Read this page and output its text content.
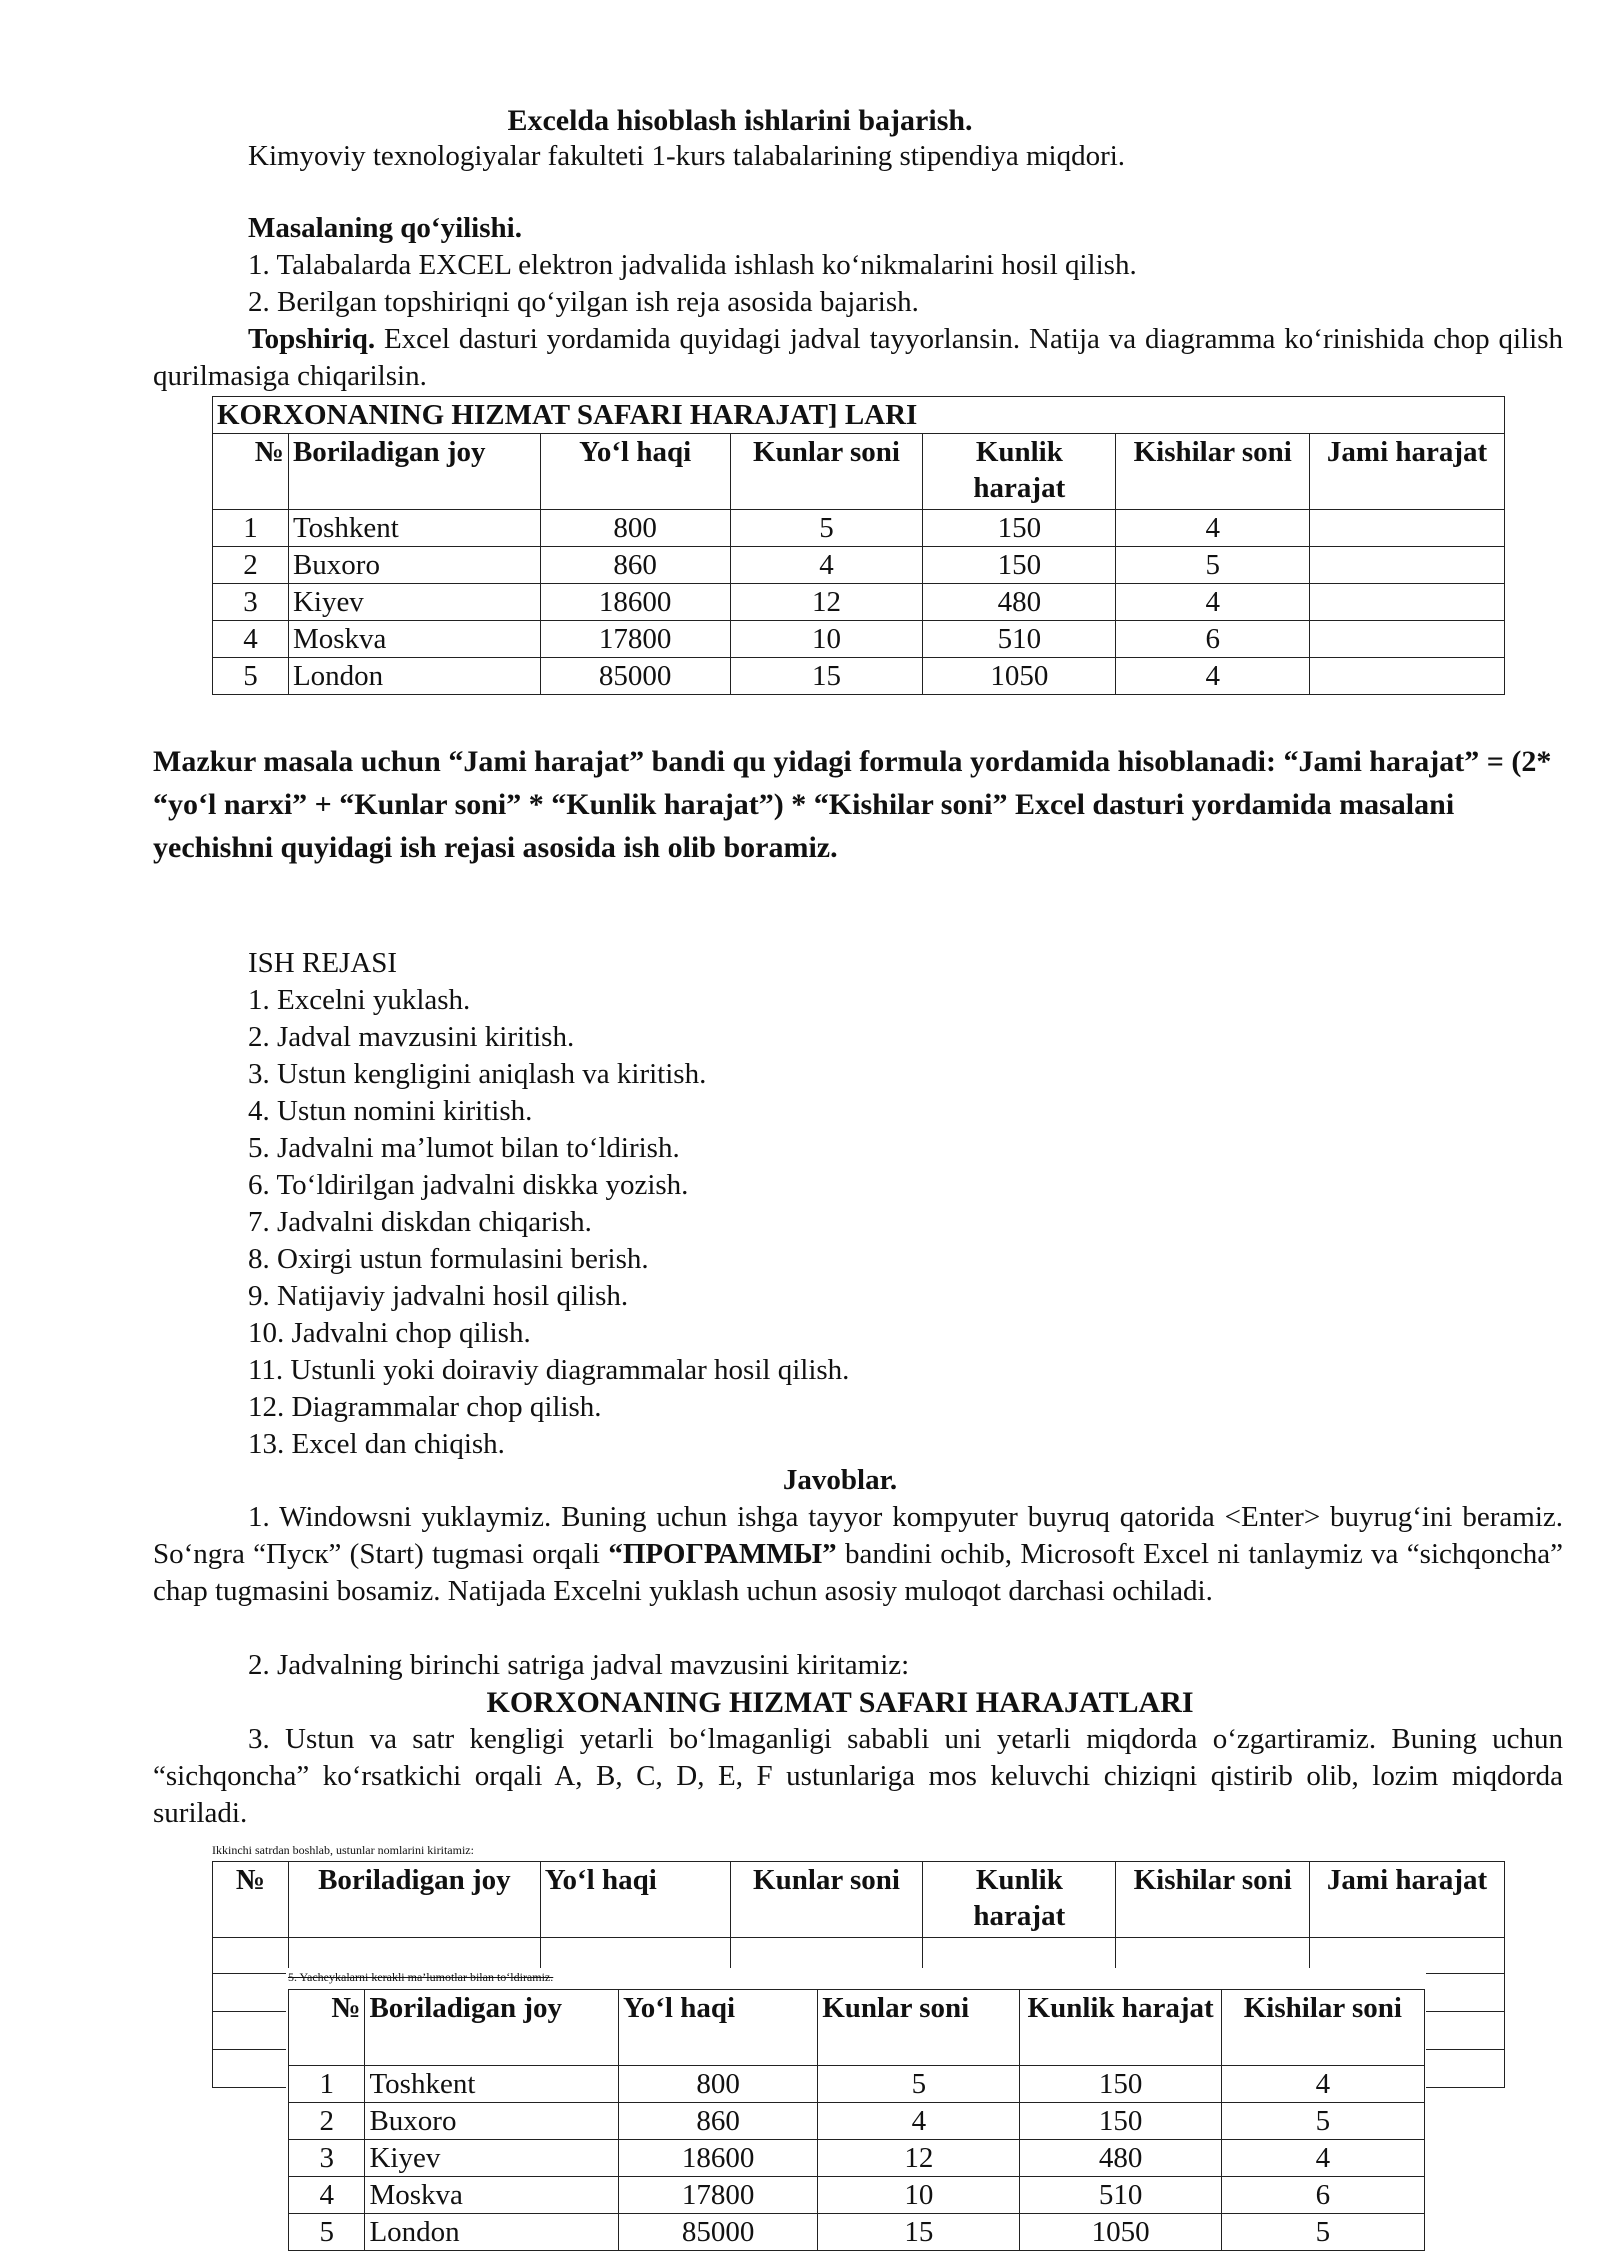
Excelda hisoblash ishlarini bajarish.
Kimyoviy texnologiyalar fakulteti 1-kurs talabalarining stipendiya miqdori.
Masalaning qo‘yilishi.
1. Talabalarda EXCEL elektron jadvalida ishlash ko‘nikmalarini hosil qilish.
2. Berilgan topshiriqni qo‘yilgan ish reja asosida bajarish.
Topshiriq. Excel dasturi yordamida quyidagi jadval tayyorlansin. Natija va diagramma ko‘rinishida chop qilish qurilmasiga chiqarilsin.
KORXONANING HIZMAT SAFARI HARAJAT] LARI						
№	Boriladigan joy	Yo‘l haqi	Kunlar soni	Kunlik harajat	Kishilar soni	Jami harajat
1	Toshkent	800	5	150	4	
2	Buxoro	860	4	150	5	
3	Kiyev	18600	12	480	4	
4	Moskva	17800	10	510	6	
5	London	85000	15	1050	4	
Mazkur masala uchun “Jami harajat” bandi qu yidagi formula yordamida hisoblanadi: “Jami harajat” = (2* “yo‘l narxi” + “Kunlar soni” * “Kunlik harajat”) * “Kishilar soni” Excel dasturi yordamida masalani yechishni quyidagi ish rejasi asosida ish olib boramiz.
ISH REJASI
1. Excelni yuklash.
2. Jadval mavzusini kiritish.
3. Ustun kengligini aniqlash va kiritish.
4. Ustun nomini kiritish.
5. Jadvalni ma’lumot bilan to‘ldirish.
6. To‘ldirilgan jadvalni diskka yozish.
7. Jadvalni diskdan chiqarish.
8. Oxirgi ustun formulasini berish.
9. Natijaviy jadvalni hosil qilish.
10. Jadvalni chop qilish.
11. Ustunli yoki doiraviy diagrammalar hosil qilish.
12. Diagrammalar chop qilish.
13. Excel dan chiqish.
Javoblar.
1. Windowsni yuklaymiz. Buning uchun ishga tayyor kompyuter buyruq qatorida <Enter> buyrug‘ini beramiz. So‘ngra “Пуск” (Start) tugmasi orqali “ПРОГРАММЫ” bandini ochib, Microsoft Excel ni tanlaymiz va “sichqoncha” chap tugmasini bosamiz. Natijada Excelni yuklash uchun asosiy muloqot darchasi ochiladi.
2. Jadvalning birinchi satriga jadval mavzusini kiritamiz:
KORXONANING HIZMAT SAFARI HARAJATLARI
3. Ustun va satr kengligi yetarli bo‘lmaganligi sababli uni yetarli miqdorda o‘zgartiramiz. Buning uchun “sichqoncha” ko‘rsatkichi orqali A, B, C, D, E, F ustunlariga mos keluvchi chiziqni qistirib olib, lozim miqdorda suriladi.
Ikkinchi satrdan boshlab, ustunlar nomlarini kiritamiz:
№	Boriladigan joy	Yo‘l haqi	Kunlar soni	Kunlik harajat	Kishilar soni	Jami harajat

5. Yacheykalarni kerakli ma’lumotlar bilan to‘ldiramiz.
№	Boriladigan joy	Yo‘l haqi	Kunlar soni	Kunlik harajat	Kishilar soni
1	Toshkent	800	5	150	4
2	Buxoro	860	4	150	5
3	Kiyev	18600	12	480	4
4	Moskva	17800	10	510	6
5	London	85000	15	1050	5
